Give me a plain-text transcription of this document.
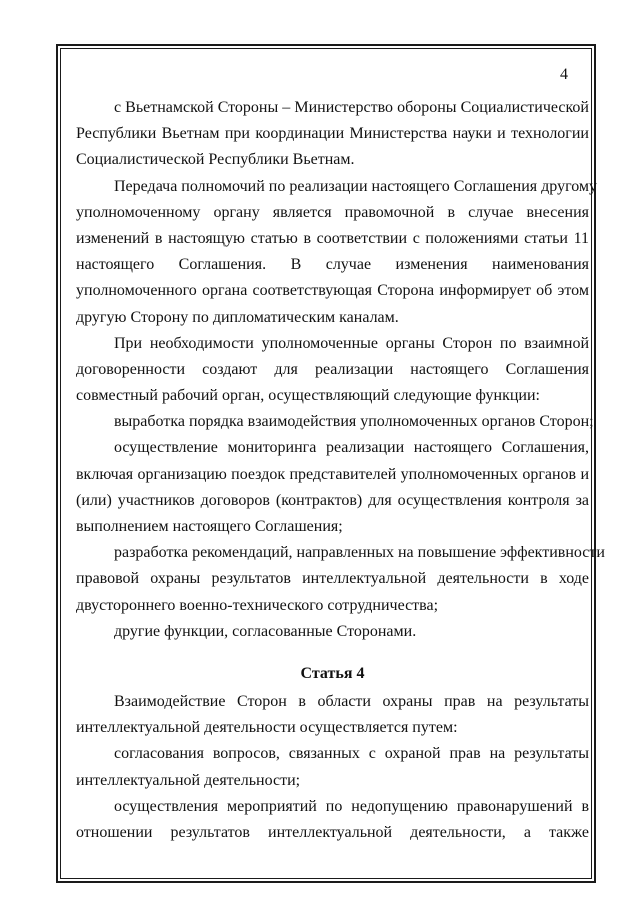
4
с Вьетнамской Стороны – Министерство обороны Социалистической
Республики Вьетнам при координации Министерства науки и технологии
Социалистической Республики Вьетнам.
Передача полномочий по реализации настоящего Соглашения другому
уполномоченному органу является правомочной в случае внесения
изменений в настоящую статью в соответствии с положениями статьи 11
настоящего Соглашения. В случае изменения наименования
уполномоченного органа соответствующая Сторона информирует об этом
другую Сторону по дипломатическим каналам.
При необходимости уполномоченные органы Сторон по взаимной
договоренности создают для реализации настоящего Соглашения
совместный рабочий орган, осуществляющий следующие функции:
выработка порядка взаимодействия уполномоченных органов Сторон;
осуществление мониторинга реализации настоящего Соглашения,
включая организацию поездок представителей уполномоченных органов и
(или) участников договоров (контрактов) для осуществления контроля за
выполнением настоящего Соглашения;
разработка рекомендаций, направленных на повышение эффективности
правовой охраны результатов интеллектуальной деятельности в ходе
двустороннего военно-технического сотрудничества;
другие функции, согласованные Сторонами.
Статья 4
Взаимодействие Сторон в области охраны прав на результаты
интеллектуальной деятельности осуществляется путем:
согласования вопросов, связанных с охраной прав на результаты
интеллектуальной деятельности;
осуществления мероприятий по недопущению правонарушений в
отношении результатов интеллектуальной деятельности, а также
